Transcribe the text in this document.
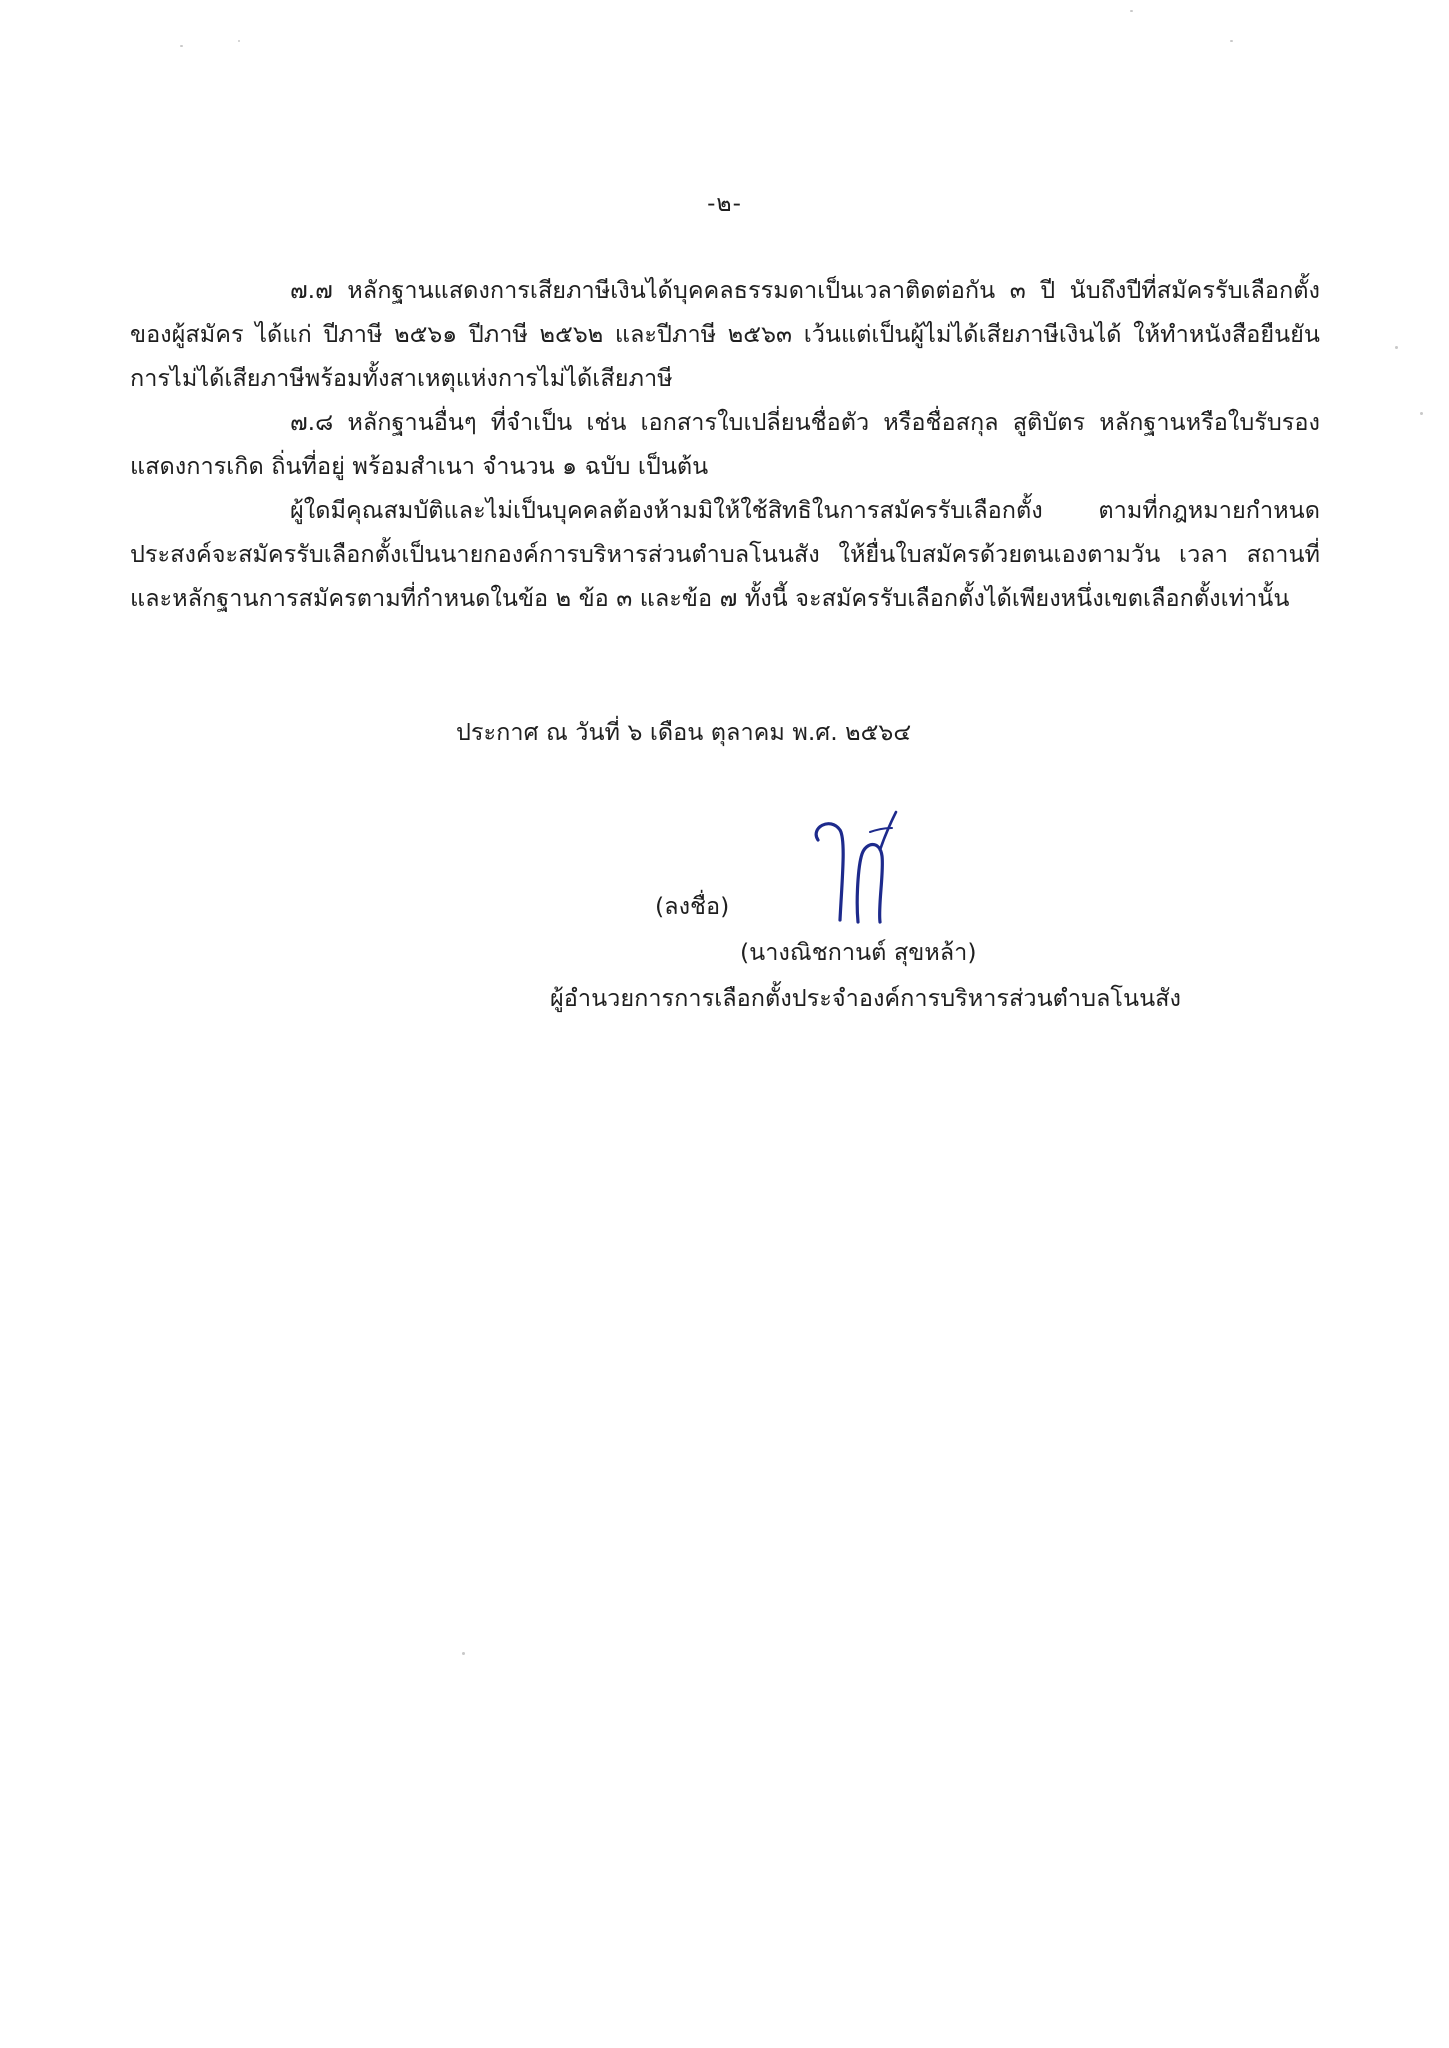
-๒-

๗.๗ หลักฐานแสดงการเสียภาษีเงินได้บุคคลธรรมดาเป็นเวลาติดต่อกัน ๓ ปี นับถึงปีที่สมัครรับเลือกตั้งของผู้สมัคร ได้แก่ ปีภาษี ๒๕๖๑ ปีภาษี ๒๕๖๒ และปีภาษี ๒๕๖๓ เว้นแต่เป็นผู้ไม่ได้เสียภาษีเงินได้ ให้ทำหนังสือยืนยันการไม่ได้เสียภาษีพร้อมทั้งสาเหตุแห่งการไม่ได้เสียภาษี

๗.๘ หลักฐานอื่นๆ ที่จำเป็น เช่น เอกสารใบเปลี่ยนชื่อตัว หรือชื่อสกุล สูติบัตร หลักฐานหรือใบรับรองแสดงการเกิด ถิ่นที่อยู่ พร้อมสำเนา จำนวน ๑ ฉบับ เป็นต้น

ผู้ใดมีคุณสมบัติและไม่เป็นบุคคลต้องห้ามมิให้ใช้สิทธิในการสมัครรับเลือกตั้ง ตามที่กฎหมายกำหนด ประสงค์จะสมัครรับเลือกตั้งเป็นนายกองค์การบริหารส่วนตำบลโนนสัง ให้ยื่นใบสมัครด้วยตนเองตามวัน เวลา สถานที่ และหลักฐานการสมัครตามที่กำหนดในข้อ ๒ ข้อ ๓ และข้อ ๗ ทั้งนี้ จะสมัครรับเลือกตั้งได้เพียงหนึ่งเขตเลือกตั้งเท่านั้น

ประกาศ ณ วันที่ ๖ เดือน ตุลาคม พ.ศ. ๒๕๖๔
(ลงชื่อ)
(นางณิชกานต์ สุขหล้า)
ผู้อำนวยการการเลือกตั้งประจำองค์การบริหารส่วนตำบลโนนสัง
